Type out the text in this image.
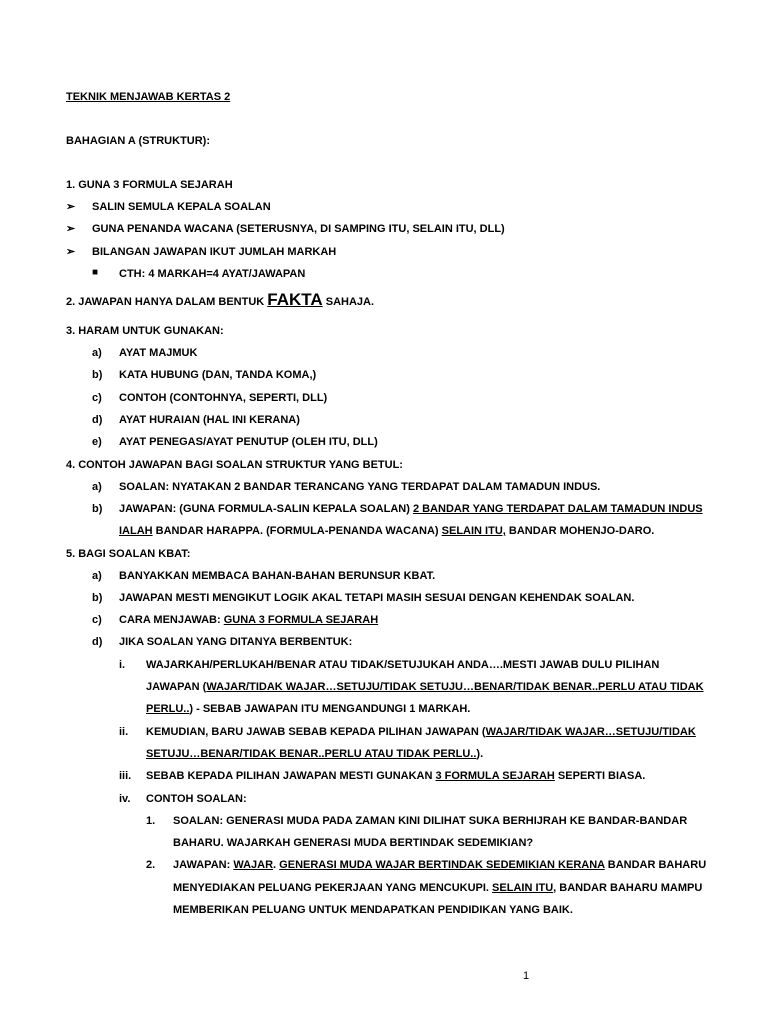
TEKNIK MENJAWAB KERTAS 2
BAHAGIAN A (STRUKTUR):
1. GUNA 3 FORMULA SEJARAH
➢ SALIN SEMULA KEPALA SOALAN
➢ GUNA PENANDA WACANA (SETERUSNYA, DI SAMPING ITU, SELAIN ITU, DLL)
➢ BILANGAN JAWAPAN IKUT JUMLAH MARKAH
■ CTH: 4 MARKAH=4 AYAT/JAWAPAN
2. JAWAPAN HANYA DALAM BENTUK FAKTA SAHAJA.
3. HARAM UNTUK GUNAKAN:
a) AYAT MAJMUK
b) KATA HUBUNG (DAN, TANDA KOMA,)
c) CONTOH (CONTOHNYA, SEPERTI, DLL)
d) AYAT HURAIAN (HAL INI KERANA)
e) AYAT PENEGAS/AYAT PENUTUP (OLEH ITU, DLL)
4. CONTOH JAWAPAN BAGI SOALAN STRUKTUR YANG BETUL:
a) SOALAN: NYATAKAN 2 BANDAR TERANCANG YANG TERDAPAT DALAM TAMADUN INDUS.
b) JAWAPAN: (GUNA FORMULA-SALIN KEPALA SOALAN) 2 BANDAR YANG TERDAPAT DALAM TAMADUN INDUS
IALAH BANDAR HARAPPA. (FORMULA-PENANDA WACANA) SELAIN ITU, BANDAR MOHENJO-DARO.
5. BAGI SOALAN KBAT:
a) BANYAKKAN MEMBACA BAHAN-BAHAN BERUNSUR KBAT.
b) JAWAPAN MESTI MENGIKUT LOGIK AKAL TETAPI MASIH SESUAI DENGAN KEHENDAK SOALAN.
c) CARA MENJAWAB: GUNA 3 FORMULA SEJARAH
d) JIKA SOALAN YANG DITANYA BERBENTUK:
i. WAJARKAH/PERLUKAH/BENAR ATAU TIDAK/SETUJUKAH ANDA….MESTI JAWAB DULU PILIHAN
JAWAPAN (WAJAR/TIDAK WAJAR…SETUJU/TIDAK SETUJU…BENAR/TIDAK BENAR..PERLU ATAU TIDAK
PERLU..) - SEBAB JAWAPAN ITU MENGANDUNGI 1 MARKAH.
ii. KEMUDIAN, BARU JAWAB SEBAB KEPADA PILIHAN JAWAPAN (WAJAR/TIDAK WAJAR…SETUJU/TIDAK
SETUJU…BENAR/TIDAK BENAR..PERLU ATAU TIDAK PERLU..).
iii. SEBAB KEPADA PILIHAN JAWAPAN MESTI GUNAKAN 3 FORMULA SEJARAH SEPERTI BIASA.
iv. CONTOH SOALAN:
1. SOALAN: GENERASI MUDA PADA ZAMAN KINI DILIHAT SUKA BERHIJRAH KE BANDAR-BANDAR
BAHARU. WAJARKAH GENERASI MUDA BERTINDAK SEDEMIKIAN?
2. JAWAPAN: WAJAR. GENERASI MUDA WAJAR BERTINDAK SEDEMIKIAN KERANA BANDAR BAHARU
MENYEDIAKAN PELUANG PEKERJAAN YANG MENCUKUPI. SELAIN ITU, BANDAR BAHARU MAMPU
MEMBERIKAN PELUANG UNTUK MENDAPATKAN PENDIDIKAN YANG BAIK.
1
